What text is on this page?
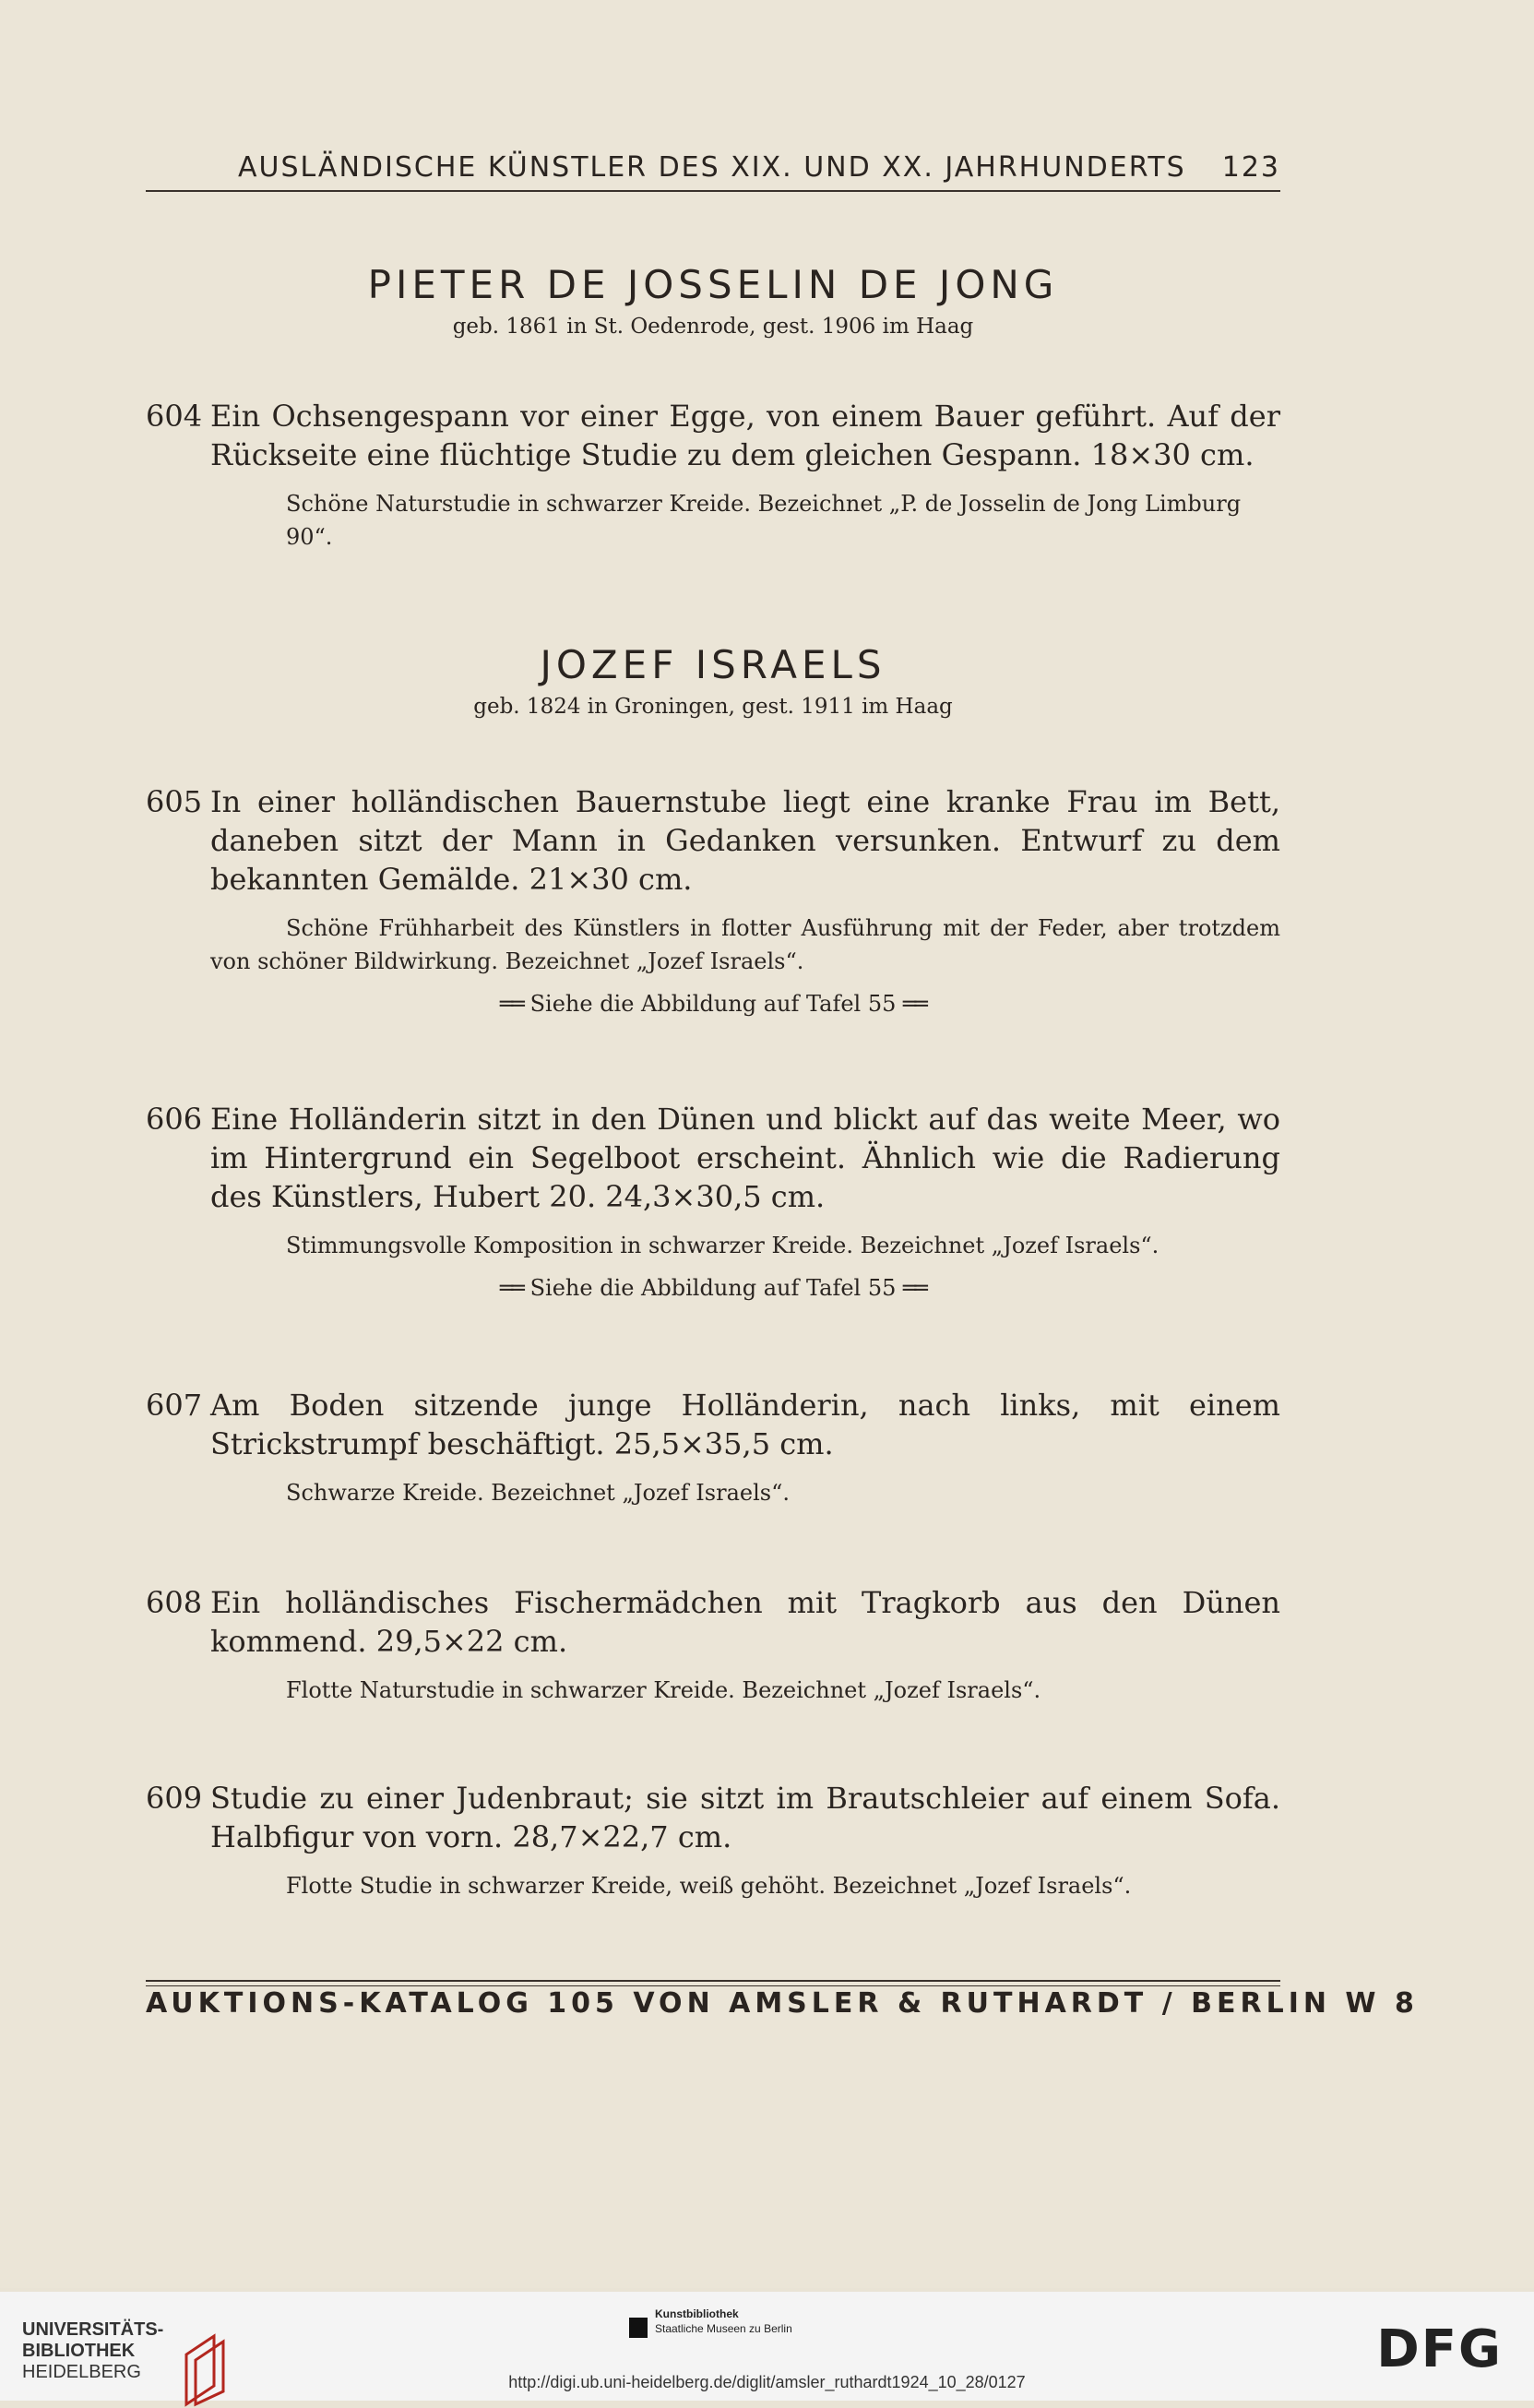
AUSLÄNDISCHE KÜNSTLER DES XIX. UND XX. JAHRHUNDERTS 123
PIETER DE JOSSELIN DE JONG
geb. 1861 in St. Oedenrode, gest. 1906 im Haag
604 Ein Ochsengespann vor einer Egge, von einem Bauer geführt. Auf der Rückseite eine flüchtige Studie zu dem gleichen Gespann. 18×30 cm.
Schöne Naturstudie in schwarzer Kreide. Bezeichnet „P. de Josselin de Jong Limburg 90“.
JOZEF ISRAELS
geb. 1824 in Groningen, gest. 1911 im Haag
605 In einer holländischen Bauernstube liegt eine kranke Frau im Bett, daneben sitzt der Mann in Gedanken versunken. Entwurf zu dem bekannten Gemälde. 21×30 cm.
Schöne Frühharbeit des Künstlers in flotter Ausführung mit der Feder, aber trotzdem von schöner Bildwirkung. Bezeichnet „Jozef Israels“.
══ Siehe die Abbildung auf Tafel 55 ══
606 Eine Holländerin sitzt in den Dünen und blickt auf das weite Meer, wo im Hintergrund ein Segelboot erscheint. Ähnlich wie die Radierung des Künstlers, Hubert 20. 24,3×30,5 cm.
Stimmungsvolle Komposition in schwarzer Kreide. Bezeichnet „Jozef Israels“.
══ Siehe die Abbildung auf Tafel 55 ══
607 Am Boden sitzende junge Holländerin, nach links, mit einem Strickstrumpf beschäftigt. 25,5×35,5 cm.
Schwarze Kreide. Bezeichnet „Jozef Israels“.
608 Ein holländisches Fischermädchen mit Tragkorb aus den Dünen kommend. 29,5×22 cm.
Flotte Naturstudie in schwarzer Kreide. Bezeichnet „Jozef Israels“.
609 Studie zu einer Judenbraut; sie sitzt im Brautschleier auf einem Sofa. Halbfigur von vorn. 28,7×22,7 cm.
Flotte Studie in schwarzer Kreide, weiß gehöht. Bezeichnet „Jozef Israels“.
AUKTIONS-KATALOG 105 VON AMSLER & RUTHARDT / BERLIN W 8
UNIVERSITÄTS-
BIBLIOTHEK
HEIDELBERG
Kunstbibliothek
Staatliche Museen zu Berlin	DFG
http://digi.ub.uni-heidelberg.de/diglit/amsler_ruthardt1924_10_28/0127
